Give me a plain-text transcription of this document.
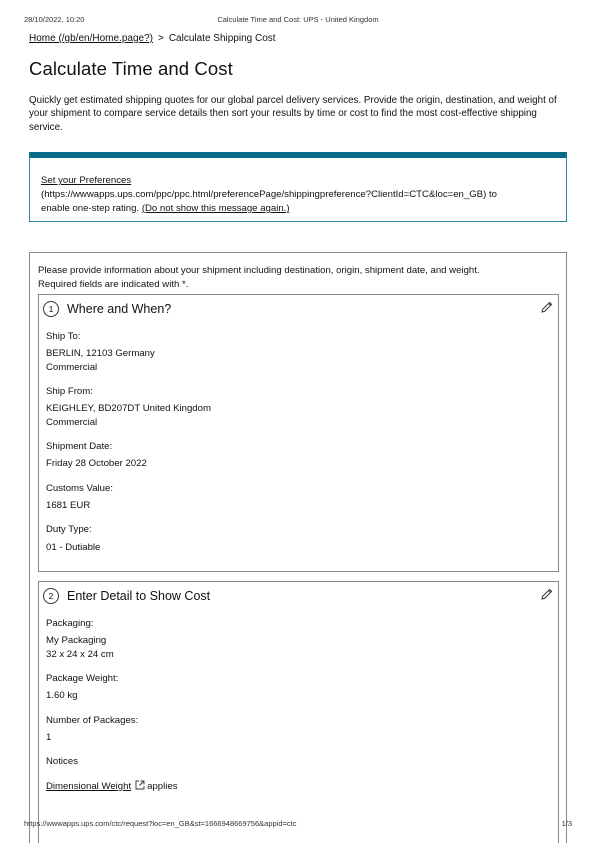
28/10/2022, 10:20	Calculate Time and Cost: UPS - United Kingdom
Home (/gb/en/Home.page?) > Calculate Shipping Cost
Calculate Time and Cost

Quickly get estimated shipping quotes for our global parcel delivery services. Provide the origin, destination, and weight of your shipment to compare service details then sort your results by time or cost to find the most cost-effective shipping service.

Set your Preferences
(https://wwwapps.ups.com/ppc/ppc.html/preferencePage/shippingpreference?ClientId=CTC&loc=en_GB) to
enable one-step rating. (Do not show this message again.)
Please provide information about your shipment including destination, origin, shipment date, and weight.
Required fields are indicated with *.
1	Where and When?
Ship To:
BERLIN, 12103 Germany
Commercial
Ship From:
KEIGHLEY, BD207DT United Kingdom
Commercial
Shipment Date:
Friday 28 October 2022
Customs Value:
1681 EUR
Duty Type:
01 - Dutiable
2	Enter Detail to Show Cost
Packaging:
My Packaging
32 x 24 x 24 cm
Package Weight:
1.60 kg
Number of Packages:
1
Notices
Dimensional Weight applies
https://wwwapps.ups.com/ctc/request?loc=en_GB&st=1666948669756&appid=ctc	1/3
